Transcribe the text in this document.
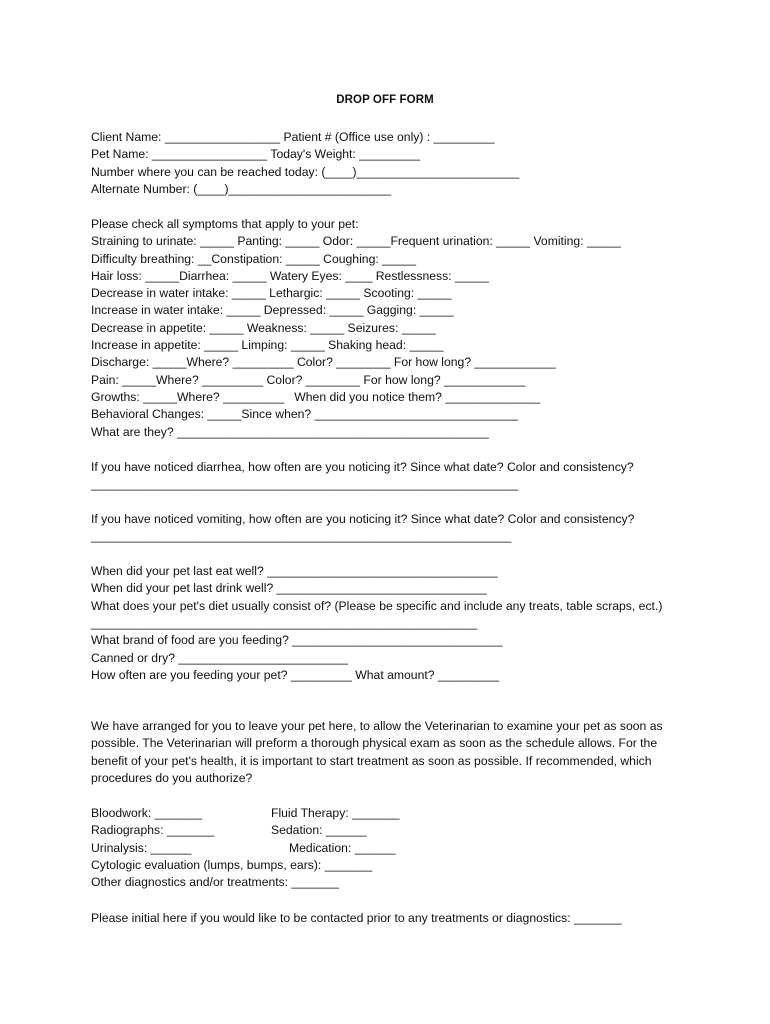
DROP OFF FORM
Client Name: _________________ Patient # (Office use only) : _________
Pet Name: _________________ Today's Weight: _________
Number where you can be reached today: (____)________________________
Alternate Number: (____)________________________
Please check all symptoms that apply to your pet:
Straining to urinate: _____ Panting: _____ Odor: _____Frequent urination: _____ Vomiting: _____
Difficulty breathing: __Constipation: _____ Coughing: _____
Hair loss: _____Diarrhea: _____ Watery Eyes: ____ Restlessness: _____
Decrease in water intake: _____ Lethargic: _____ Scooting: _____
Increase in water intake: _____ Depressed: _____ Gagging: _____
Decrease in appetite: _____ Weakness: _____ Seizures: _____
Increase in appetite: _____ Limping: _____ Shaking head: _____
Discharge: _____Where? _________ Color? ________ For how long? ____________
Pain: _____Where? _________ Color? ________ For how long? ____________
Growths: _____Where? _________   When did you notice them? ______________
Behavioral Changes: _____Since when? ______________________________
What are they? ______________________________________________
If you have noticed diarrhea, how often are you noticing it? Since what date? Color and consistency?
_______________________________________________________________
If you have noticed vomiting, how often are you noticing it? Since what date? Color and consistency?
______________________________________________________________
When did your pet last eat well? __________________________________
When did your pet last drink well? _______________________________
What does your pet's diet usually consist of? (Please be specific and include any treats, table scraps, ect.)
_________________________________________________________
What brand of food are you feeding? _______________________________
Canned or dry? _________________________
How often are you feeding your pet? _________ What amount? _________
We have arranged for you to leave your pet here, to allow the Veterinarian to examine your pet as soon as possible. The Veterinarian will preform a thorough physical exam as soon as the schedule allows. For the benefit of your pet's health, it is important to start treatment as soon as possible. If recommended, which procedures do you authorize?
Bloodwork: _______	Fluid Therapy: _______
Radiographs: _______	Sedation: ______
Urinalysis: ______	Medication: ______
Cytologic evaluation (lumps, bumps, ears): _______
Other diagnostics and/or treatments: _______
Please initial here if you would like to be contacted prior to any treatments or diagnostics: _______
